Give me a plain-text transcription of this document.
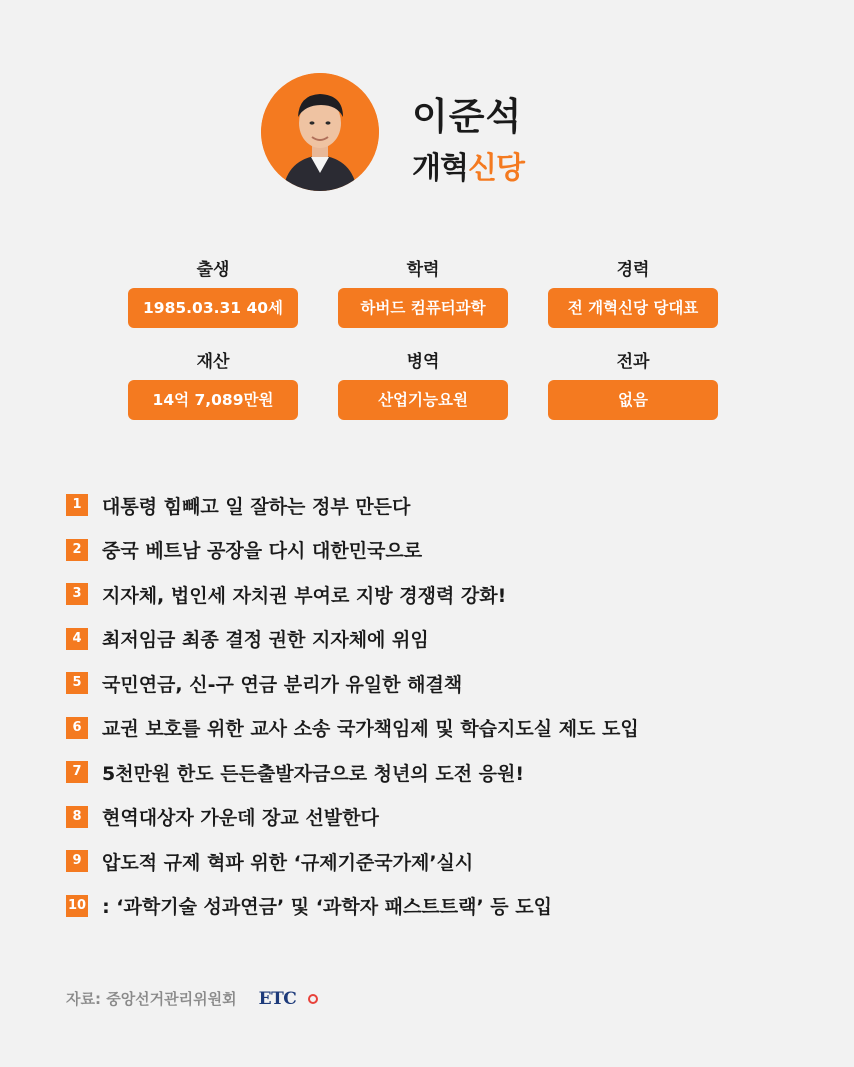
이준석
개혁신당
출생
1985.03.31 40세
학력
하버드 컴퓨터과학
경력
전 개혁신당 당대표
재산
14억 7,089만원
병역
산업기능요원
전과
없음
1	대통령 힘빼고 일 잘하는 정부 만든다
2	중국 베트남 공장을 다시 대한민국으로
3	지자체, 법인세 자치권 부여로 지방 경쟁력 강화!
4	최저임금 최종 결정 권한 지자체에 위임
5	국민연금, 신-구 연금 분리가 유일한 해결책
6	교권 보호를 위한 교사 소송 국가책임제 및 학습지도실 제도 도입
7	5천만원 한도 든든출발자금으로 청년의 도전 응원!
8	현역대상자 가운데 장교 선발한다
9	압도적 규제 혁파 위한 ‘규제기준국가제’실시
10 : ‘과학기술 성과연금’ 및 ‘과학자 패스트트랙’ 등 도입
자료: 중앙선거관리위원회 ETC
